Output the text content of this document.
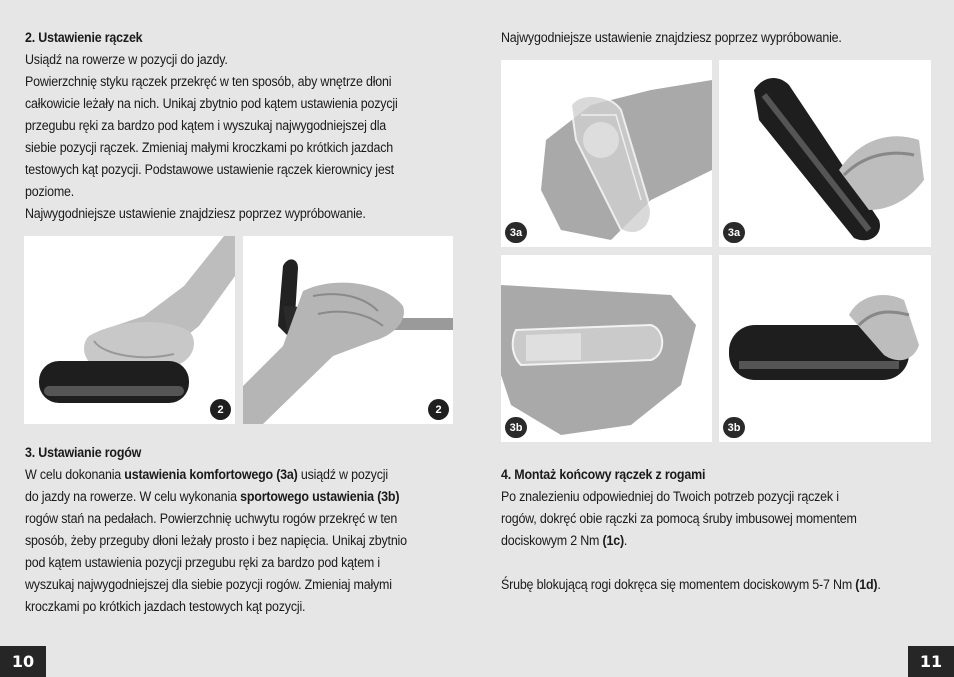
2. Ustawienie rączek

Usiądź na rowerze w pozycji do jazdy.

Powierzchnię styku rączek przekręć w ten sposób, aby wnętrze dłoni

całkowicie leżały na nich. Unikaj zbytnio pod kątem ustawienia pozycji

przegubu ręki za bardzo pod kątem i wyszukaj najwygodniejszej dla

siebie pozycji rączek. Zmieniaj małymi kroczkami po krótkich jazdach

testowych kąt pozycji. Podstawowe ustawienie rączek kierownicy jest

poziome.

Najwygodniejsze ustawienie znajdziesz poprzez wypróbowanie.

2	2

3. Ustawianie rogów

W celu dokonania ustawienia komfortowego (3a) usiądź w pozycji

do jazdy na rowerze. W celu wykonania sportowego ustawienia (3b)

rogów stań na pedałach. Powierzchnię uchwytu rogów przekręć w ten

sposób, żeby przeguby dłoni leżały prosto i bez napięcia. Unikaj zbytnio

pod kątem ustawienia pozycji przegubu ręki za bardzo pod kątem i

wyszukaj najwygodniejszej dla siebie pozycji rogów. Zmieniaj małymi

kroczkami po krótkich jazdach testowych kąt pozycji.

10

Najwygodniejsze ustawienie znajdziesz poprzez wypróbowanie.

3a	3a
3b	3b

4. Montaż końcowy rączek z rogami

Po znalezieniu odpowiedniej do Twoich potrzeb pozycji rączek i

rogów, dokręć obie rączki za pomocą śruby imbusowej momentem

dociskowym 2 Nm (1c).

Śrubę blokującą rogi dokręca się momentem dociskowym 5-7 Nm (1d).

11
